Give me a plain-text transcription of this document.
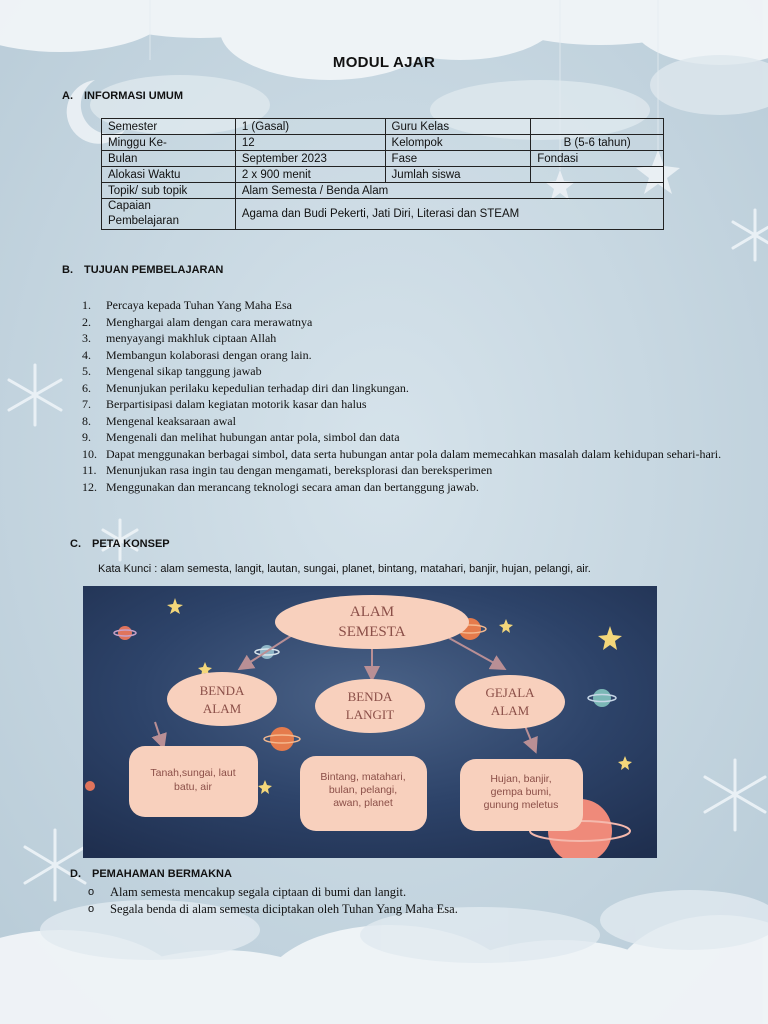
MODUL AJAR
A. INFORMASI UMUM
Semester	1 (Gasal)	Guru Kelas	
Minggu Ke-	12	Kelompok	B (5-6 tahun)
Bulan	September 2023	Fase	Fondasi
Alokasi Waktu	2 x 900 menit	Jumlah siswa	
Topik/ sub topik	Alam Semesta / Benda Alam		

Capaian
Pembelajaran	Agama dan Budi Pekerti, Jati Diri, Literasi dan STEAM		
B. TUJUAN PEMBELAJARAN
1.	Percaya kepada Tuhan Yang Maha Esa
2.	Menghargai alam dengan cara merawatnya
3.	menyayangi makhluk ciptaan Allah
4.	Membangun kolaborasi dengan orang lain.
5.	Mengenal sikap tanggung jawab
6.	Menunjukan perilaku kepedulian terhadap diri dan lingkungan.
7.	Berpartisipasi dalam kegiatan motorik kasar dan halus
8.	Mengenal keaksaraan awal
9.	Mengenali dan melihat hubungan antar pola, simbol dan data
10. Dapat menggunakan berbagai simbol, data serta hubungan antar pola dalam memecahkan masalah dalam kehidupan sehari-hari.
11. Menunjukan rasa ingin tau dengan mengamati, bereksplorasi dan bereksperimen
12. Menggunakan dan merancang teknologi secara aman dan bertanggung jawab.
C. PETA KONSEP
Kata Kunci : alam semesta, langit, lautan, sungai, planet, bintang, matahari, banjir, hujan, pelangi, air.
ALAM
SEMESTA
BENDA
ALAM
BENDA
LANGIT
GEJALA
ALAM
Tanah,sungai, laut
batu, air
Bintang, matahari,
bulan, pelangi,
awan, planet
Hujan, banjir,
gempa bumi,
gunung meletus
D. PEMAHAMAN BERMAKNA
o	Alam semesta mencakup segala ciptaan di bumi dan langit.
o	Segala benda di alam semesta diciptakan oleh Tuhan Yang Maha Esa.
